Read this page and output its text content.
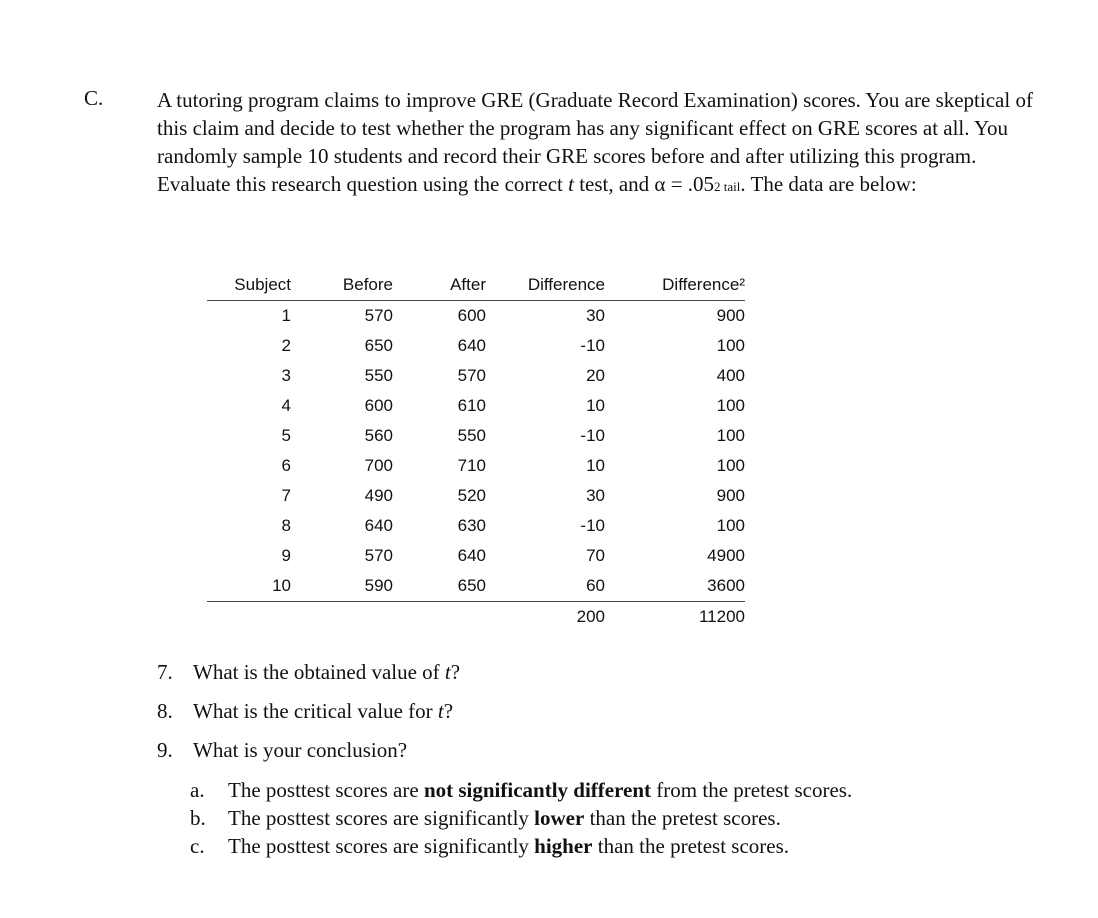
C.	A tutoring program claims to improve GRE (Graduate Record Examination) scores. You are skeptical of this claim and decide to test whether the program has any significant effect on GRE scores at all. You randomly sample 10 students and record their GRE scores before and after utilizing this program. Evaluate this research question using the correct t test, and α = .052 tail. The data are below:

Subject	Before	After	Difference	Difference²
1	570	600	30	900
2	650	640	-10	100
3	550	570	20	400
4	600	610	10	100
5	560	550	-10	100
6	700	710	10	100
7	490	520	30	900
8	640	630	-10	100
9	570	640	70	4900
10	590	650	60	3600
			200	11200
7. What is the obtained value of t?
8. What is the critical value for t?
9. What is your conclusion?
a. The posttest scores are not significantly different from the pretest scores.
b. The posttest scores are significantly lower than the pretest scores.
c. The posttest scores are significantly higher than the pretest scores.
